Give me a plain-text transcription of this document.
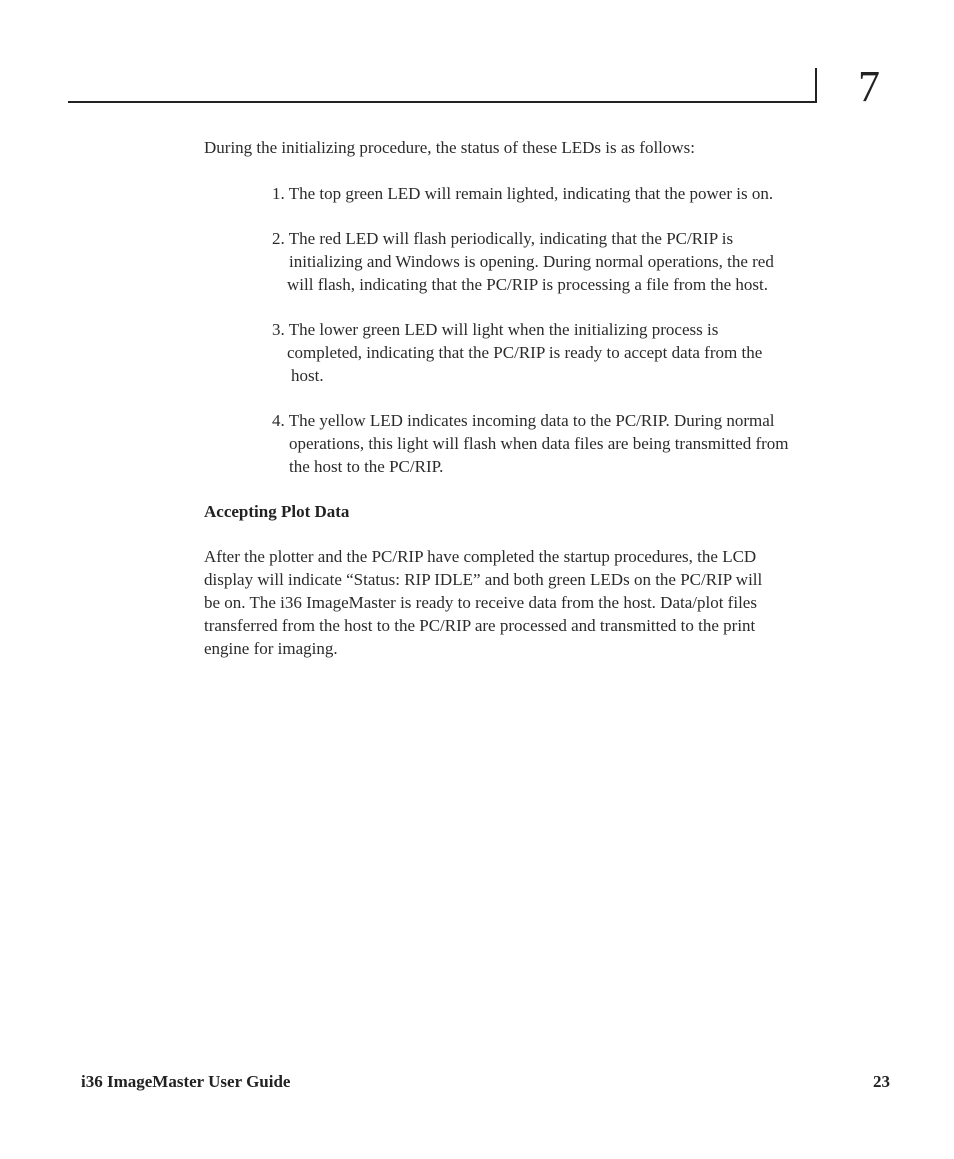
7
During the initializing procedure, the status of these LEDs is as follows:
1. The top green LED will remain lighted, indicating that the power is on.
2. The red LED will flash periodically, indicating that the PC/RIP is
initializing and Windows is opening. During normal operations, the red
will flash, indicating that the PC/RIP is processing a file from the host.
3. The lower green LED will light when the initializing process is
completed, indicating that the PC/RIP is ready to accept data from the
host.
4. The yellow LED indicates incoming data to the PC/RIP. During normal
operations, this light will flash when data files are being transmitted from
the host to the PC/RIP.
Accepting Plot Data
After the plotter and the PC/RIP have completed the startup procedures, the LCD
display will indicate “Status: RIP IDLE” and both green LEDs on the PC/RIP will
be on. The i36 ImageMaster is ready to receive data from the host. Data/plot files
transferred from the host to the PC/RIP are processed and transmitted to the print
engine for imaging.
i36 ImageMaster User Guide	23
